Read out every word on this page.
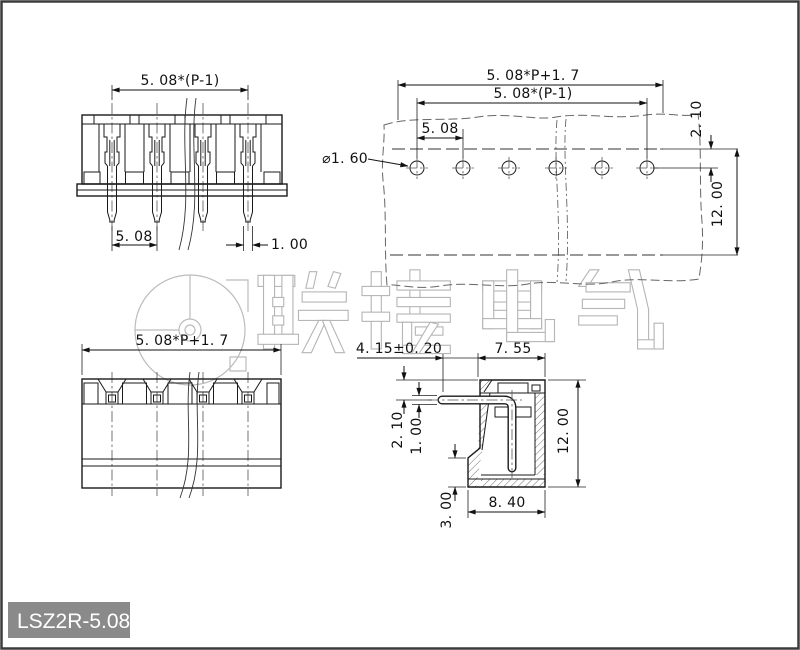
5. 08*(P-1)
5. 08	1. 00
5. 08*P+1. 7
5. 08*(P-1)
5. 08
⌀1. 60
2. 10
12. 00
5. 08*P+1. 7	4. 15±0. 20	7. 55
2. 10 1. 00	12. 00
8. 40
3. 00
LSZ2R-5.08
